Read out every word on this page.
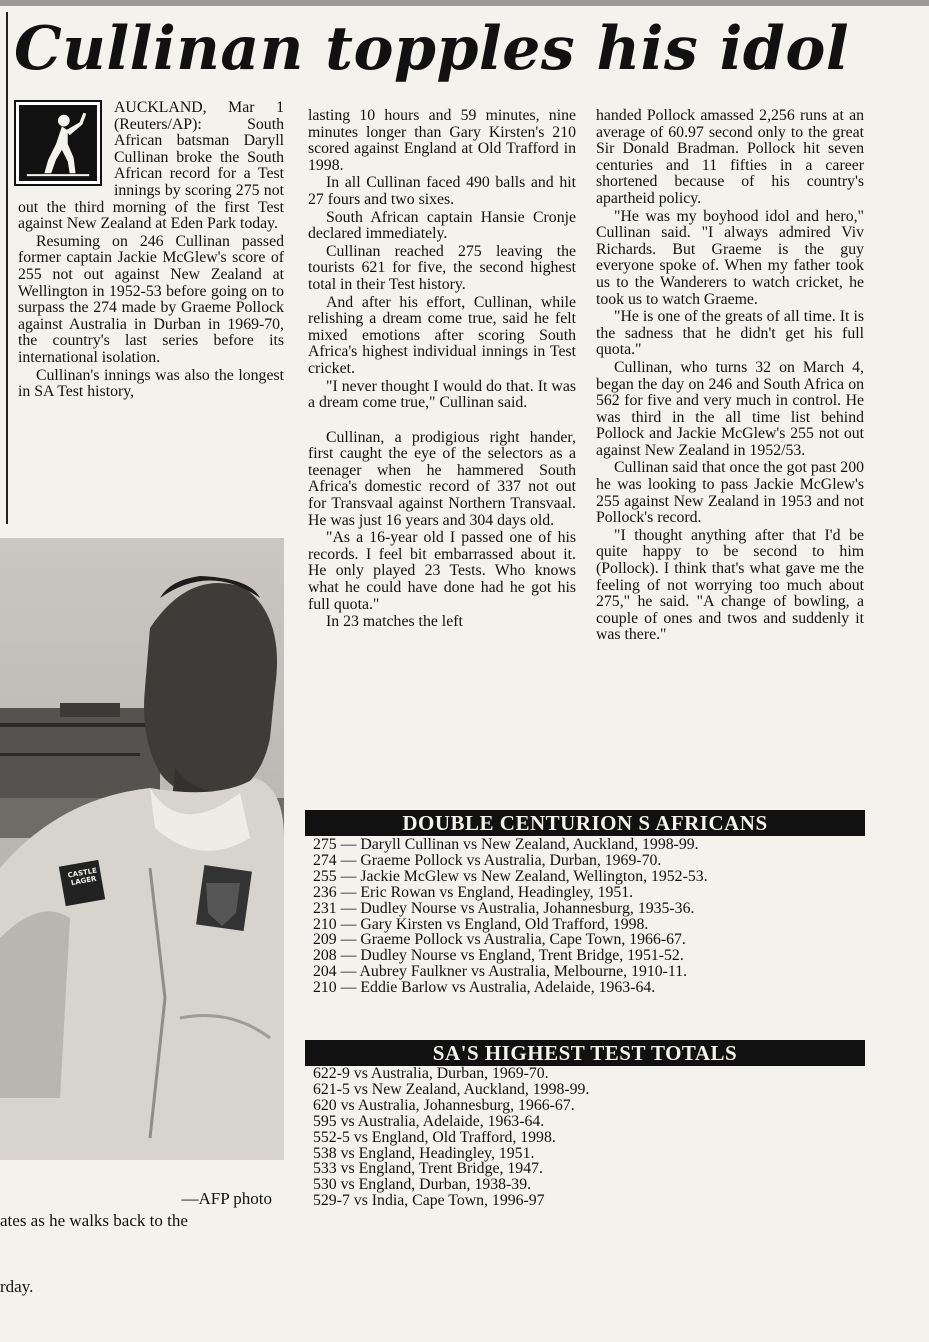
Cullinan topples his idol

AUCKLAND, Mar 1 (Reuters/AP): South African batsman Daryll Cullinan broke the South African record for a Test innings by scoring 275 not out the third morning of the first Test against New Zealand at Eden Park today.

Resuming on 246 Cullinan passed former captain Jackie McGlew's score of 255 not out against New Zealand at Wellington in 1952-53 before going on to surpass the 274 made by Graeme Pollock against Australia in Durban in 1969-70, the country's last series before its international isolation.

Cullinan's innings was also the longest in SA Test history,

lasting 10 hours and 59 minutes, nine minutes longer than Gary Kirsten's 210 scored against England at Old Trafford in 1998.

In all Cullinan faced 490 balls and hit 27 fours and two sixes.

South African captain Hansie Cronje declared immediately.

Cullinan reached 275 leaving the tourists 621 for five, the second highest total in their Test history.

And after his effort, Cullinan, while relishing a dream come true, said he felt mixed emotions after scoring South Africa's highest individual innings in Test cricket.

"I never thought I would do that. It was a dream come true," Cullinan said.

Cullinan, a prodigious right hander, first caught the eye of the selectors as a teenager when he hammered South Africa's domestic record of 337 not out for Transvaal against Northern Transvaal. He was just 16 years and 304 days old.

"As a 16-year old I passed one of his records. I feel bit embarrassed about it. He only played 23 Tests. Who knows what he could have done had he got his full quota."

In 23 matches the left

handed Pollock amassed 2,256 runs at an average of 60.97 second only to the great Sir Donald Bradman. Pollock hit seven centuries and 11 fifties in a career shortened because of his country's apartheid policy.

"He was my boyhood idol and hero," Cullinan said. "I always admired Viv Richards. But Graeme is the guy everyone spoke of. When my father took us to the Wanderers to watch cricket, he took us to watch Graeme.

"He is one of the greats of all time. It is the sadness that he didn't get his full quota."

Cullinan, who turns 32 on March 4, began the day on 246 and South Africa on 562 for five and very much in control. He was third in the all time list behind Pollock and Jackie McGlew's 255 not out against New Zealand in 1952/53.

Cullinan said that once the got past 200 he was looking to pass Jackie McGlew's 255 against New Zealand in 1953 and not Pollock's record.

"I thought anything after that I'd be quite happy to be second to him (Pollock). I think that's what gave me the feeling of not worrying too much about 275," he said. "A change of bowling, a couple of ones and twos and suddenly it was there."

CASTLE LAGER

ates as he walks back to the

rday.

—AFP photo

DOUBLE CENTURION S AFRICANS
275 — Daryll Cullinan vs New Zealand, Auckland, 1998-99.
274 — Graeme Pollock vs Australia, Durban, 1969-70.
255 — Jackie McGlew vs New Zealand, Wellington, 1952-53.
236 — Eric Rowan vs England, Headingley, 1951.
231 — Dudley Nourse vs Australia, Johannesburg, 1935-36.
210 — Gary Kirsten vs England, Old Trafford, 1998.
209 — Graeme Pollock vs Australia, Cape Town, 1966-67.
208 — Dudley Nourse vs England, Trent Bridge, 1951-52.
204 — Aubrey Faulkner vs Australia, Melbourne, 1910-11.
210 — Eddie Barlow vs Australia, Adelaide, 1963-64.
SA'S HIGHEST TEST TOTALS
622-9 vs Australia, Durban, 1969-70.
621-5 vs New Zealand, Auckland, 1998-99.
620 vs Australia, Johannesburg, 1966-67.
595 vs Australia, Adelaide, 1963-64.
552-5 vs England, Old Trafford, 1998.
538 vs England, Headingley, 1951.
533 vs England, Trent Bridge, 1947.
530 vs England, Durban, 1938-39.
529-7 vs India, Cape Town, 1996-97
